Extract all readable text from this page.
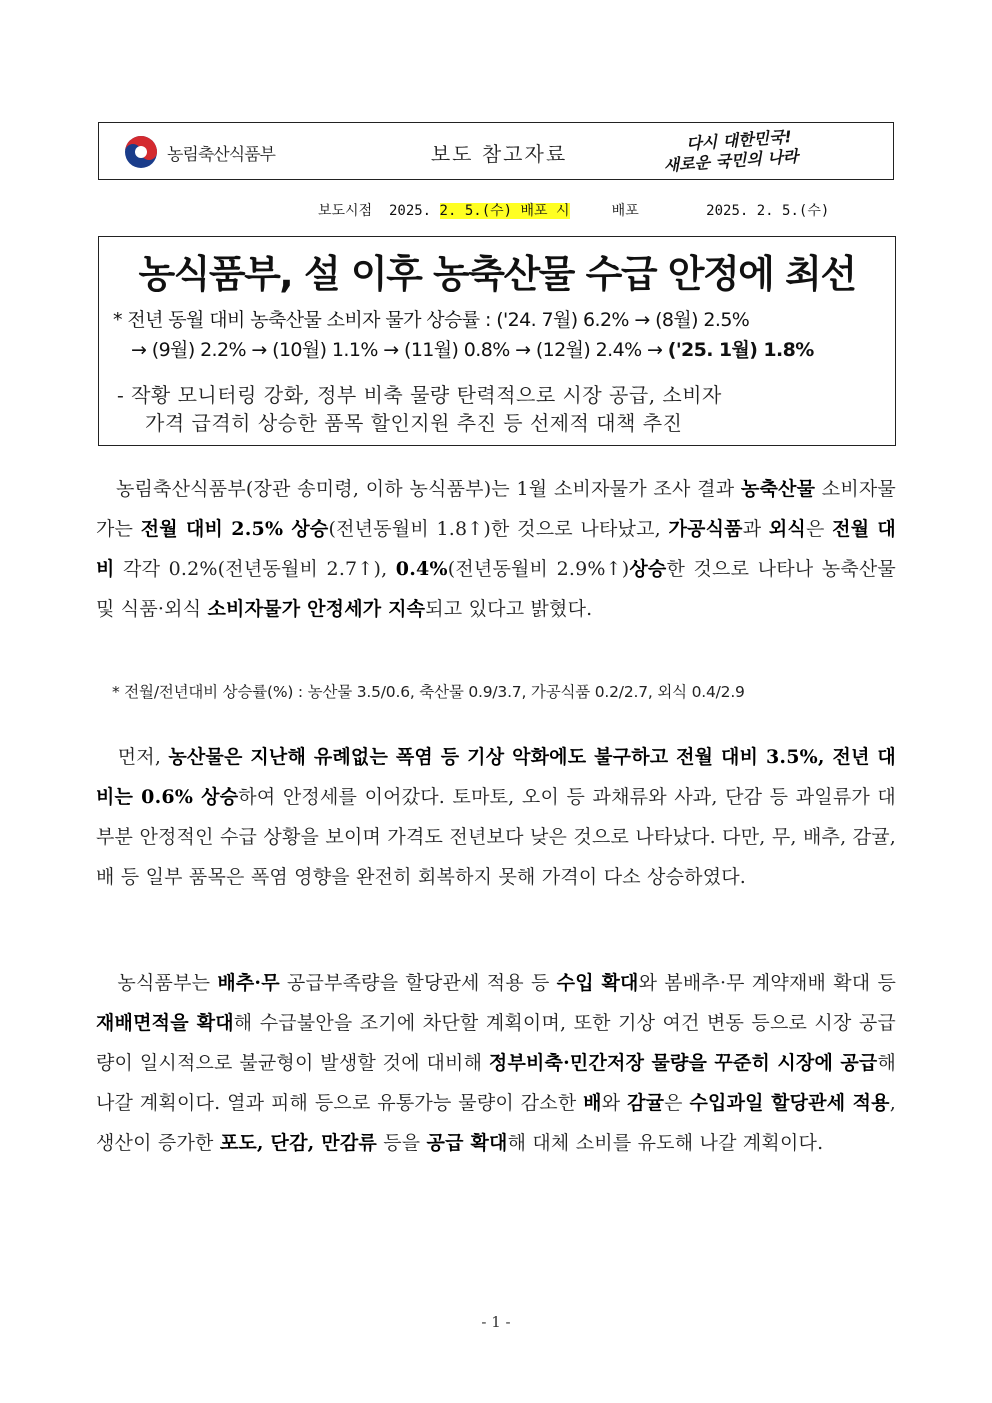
농림축산식품부	보도 참고자료
다시 대한민국!
새로운 국민의 나라
보도시점 2025. 2. 5.(수) 배포 시	배포	2025. 2. 5.(수)
농식품부, 설 이후 농축산물 수급 안정에 최선
* 전년 동월 대비 농축산물 소비자 물가 상승률 : ('24. 7월) 6.2% → (8월) 2.5%
→ (9월) 2.2% → (10월) 1.1% → (11월) 0.8% → (12월) 2.4% → ('25. 1월) 1.8%
- 작황 모니터링 강화, 정부 비축 물량 탄력적으로 시장 공급, 소비자
가격 급격히 상승한 품목 할인지원 추진 등 선제적 대책 추진
농림축산식품부(장관 송미령, 이하 농식품부)는 1월 소비자물가 조사 결과 농축산물 소비자물가는 전월 대비 2.5% 상승(전년동월비 1.8↑)한 것으로 나타났고, 가공식품과 외식은 전월 대비 각각 0.2%(전년동월비 2.7↑), 0.4%(전년동월비 2.9%↑)상승한 것으로 나타나 농축산물 및 식품·외식 소비자물가 안정세가 지속되고 있다고 밝혔다.
* 전월/전년대비 상승률(%) : 농산물 3.5/0.6, 축산물 0.9/3.7, 가공식품 0.2/2.7, 외식 0.4/2.9
먼저, 농산물은 지난해 유례없는 폭염 등 기상 악화에도 불구하고 전월 대비 3.5%, 전년 대비는 0.6% 상승하여 안정세를 이어갔다. 토마토, 오이 등 과채류와 사과, 단감 등 과일류가 대부분 안정적인 수급 상황을 보이며 가격도 전년보다 낮은 것으로 나타났다. 다만, 무, 배추, 감귤, 배 등 일부 품목은 폭염 영향을 완전히 회복하지 못해 가격이 다소 상승하였다.
농식품부는 배추·무 공급부족량을 할당관세 적용 등 수입 확대와 봄배추·무 계약재배 확대 등 재배면적을 확대해 수급불안을 조기에 차단할 계획이며, 또한 기상 여건 변동 등으로 시장 공급량이 일시적으로 불균형이 발생할 것에 대비해 정부비축·민간저장 물량을 꾸준히 시장에 공급해 나갈 계획이다. 열과 피해 등으로 유통가능 물량이 감소한 배와 감귤은 수입과일 할당관세 적용, 생산이 증가한 포도, 단감, 만감류 등을 공급 확대해 대체 소비를 유도해 나갈 계획이다.
- 1 -
